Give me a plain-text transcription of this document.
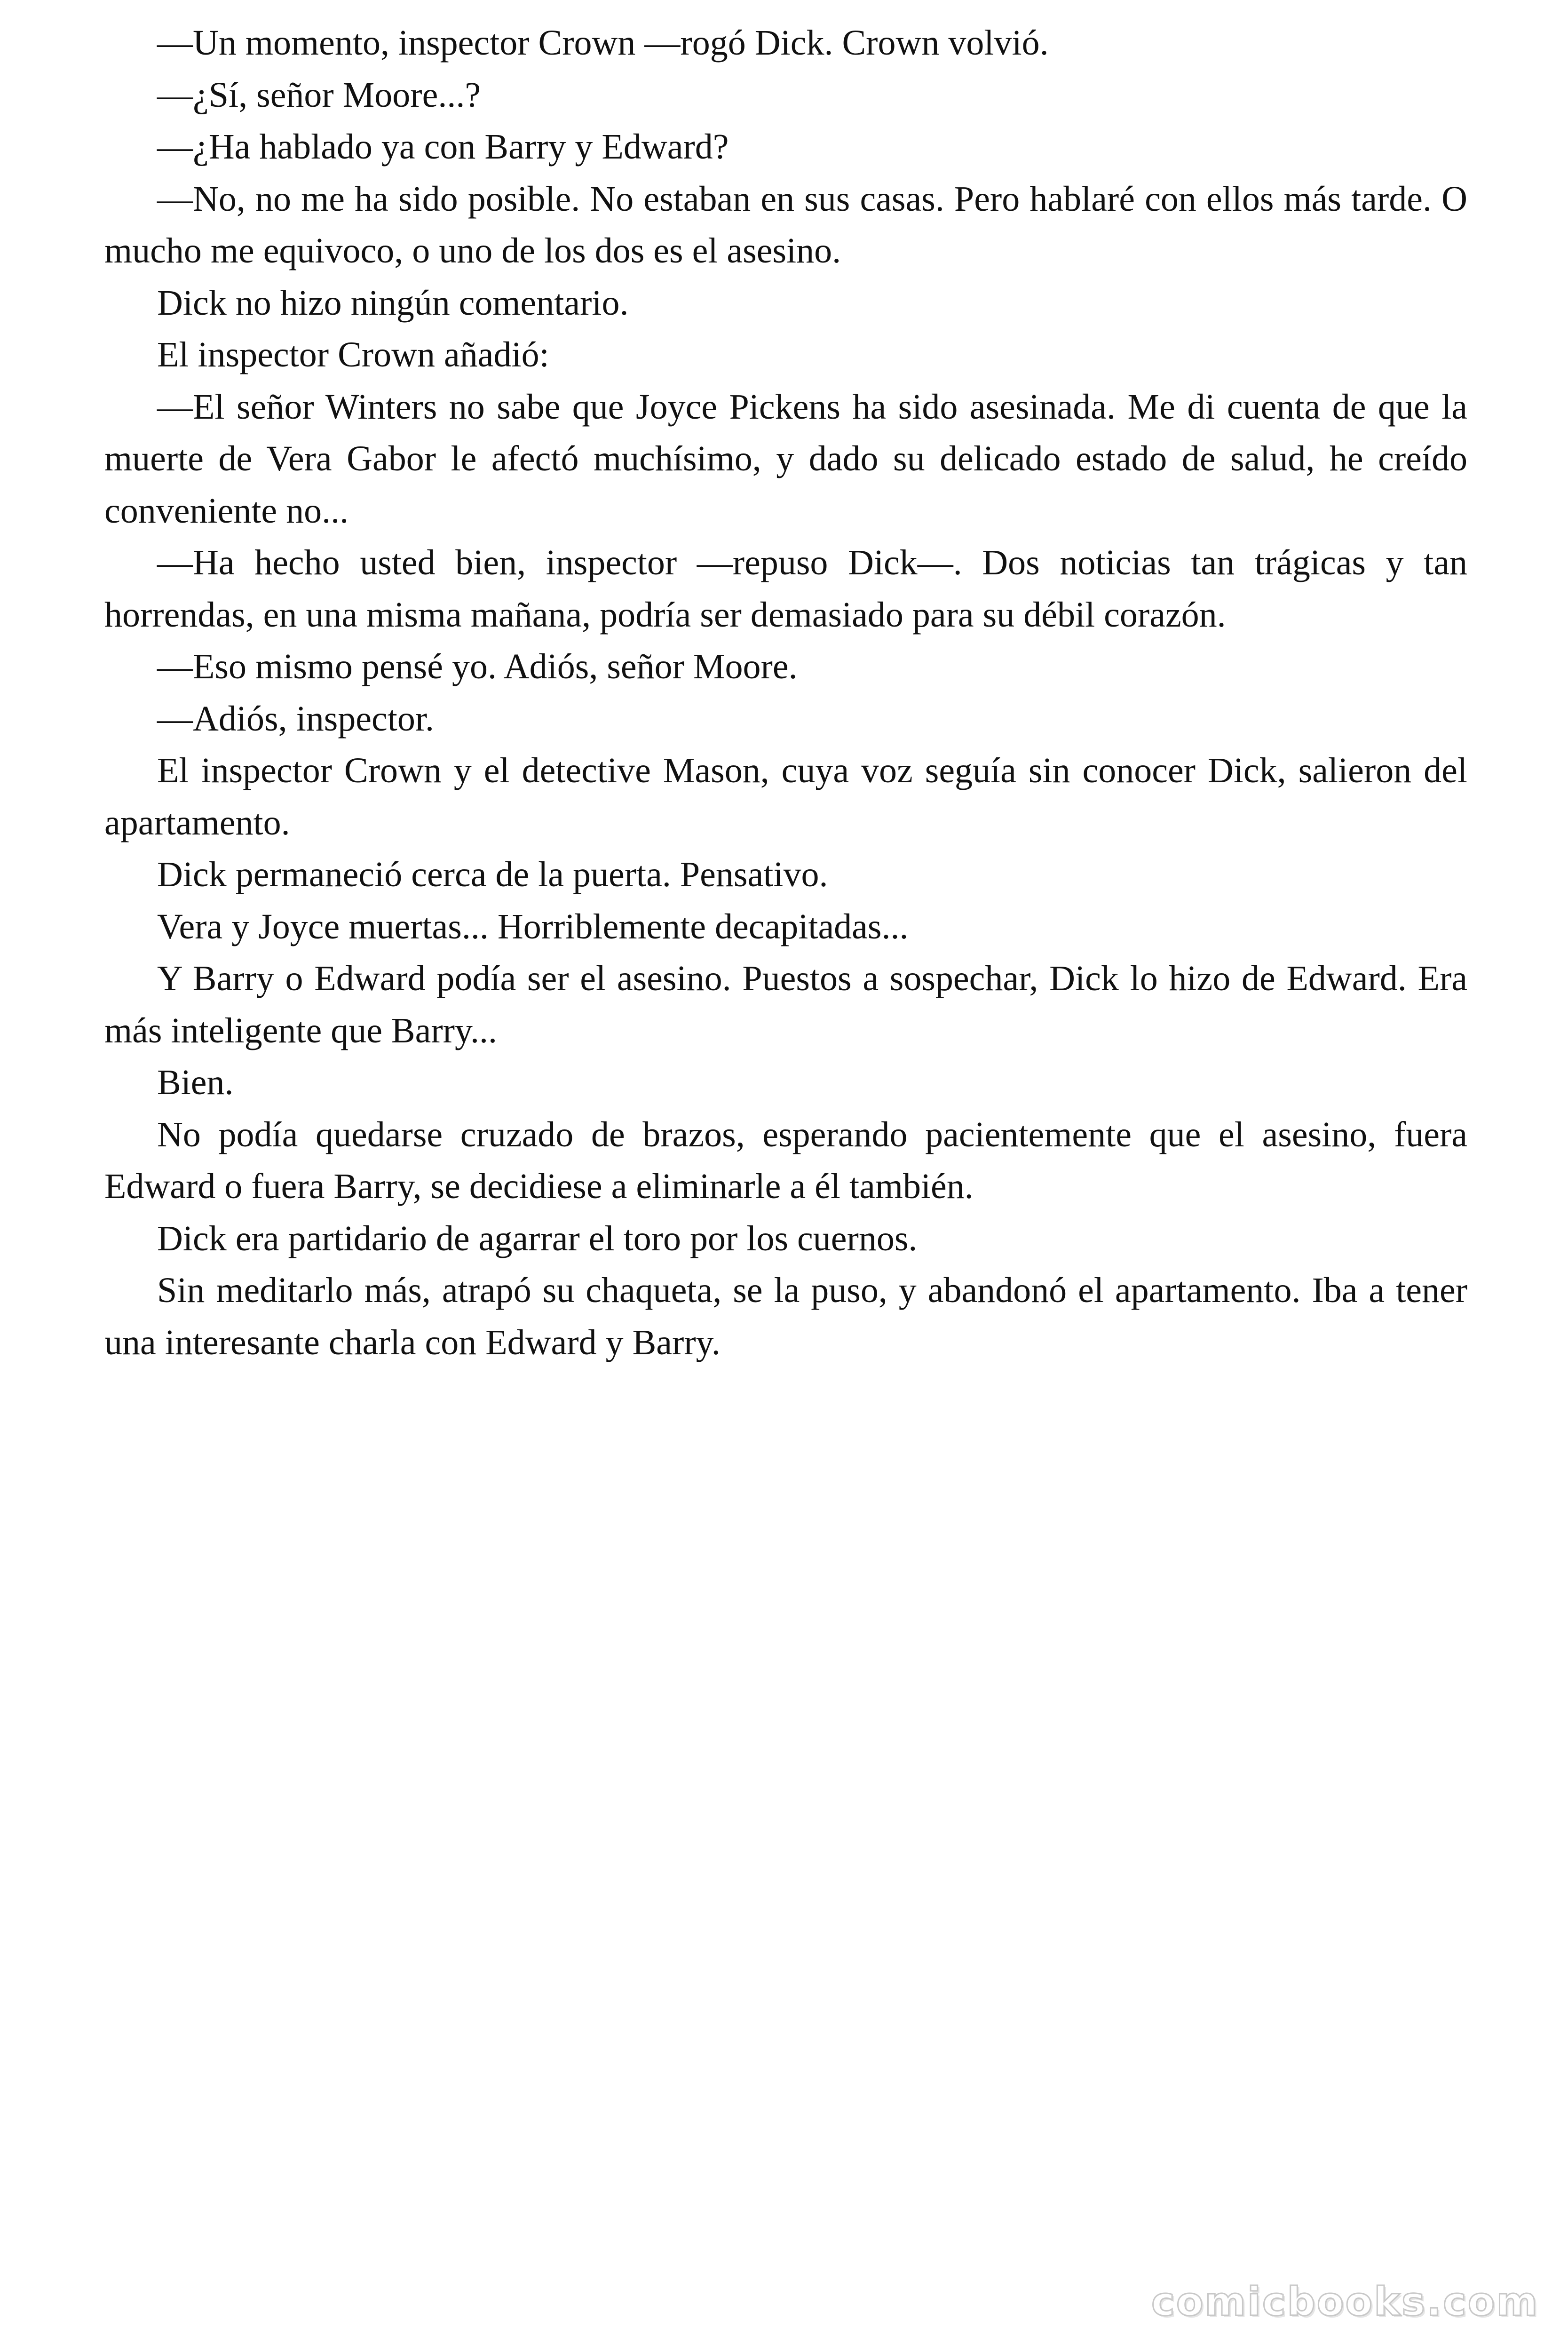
—Un momento, inspector Crown —rogó Dick. Crown volvió.

—¿Sí, señor Moore...?

—¿Ha hablado ya con Barry y Edward?

—No, no me ha sido posible. No estaban en sus casas. Pero hablaré con ellos más tarde. O mucho me equivoco, o uno de los dos es el asesino.

Dick no hizo ningún comentario.

El inspector Crown añadió:

—El señor Winters no sabe que Joyce Pickens ha sido asesinada. Me di cuenta de que la muerte de Vera Gabor le afectó muchísimo, y dado su delicado estado de salud, he creído conveniente no...

—Ha hecho usted bien, inspector —repuso Dick—. Dos noticias tan trágicas y tan horrendas, en una misma mañana, podría ser demasiado para su débil corazón.

—Eso mismo pensé yo. Adiós, señor Moore.

—Adiós, inspector.

El inspector Crown y el detective Mason, cuya voz seguía sin conocer Dick, salieron del apartamento.

Dick permaneció cerca de la puerta. Pensativo.

Vera y Joyce muertas... Horriblemente decapitadas...

Y Barry o Edward podía ser el asesino. Puestos a sospechar, Dick lo hizo de Edward. Era más inteligente que Barry...

Bien.

No podía quedarse cruzado de brazos, esperando pacientemente que el asesino, fuera Edward o fuera Barry, se decidiese a eliminarle a él también.

Dick era partidario de agarrar el toro por los cuernos.

Sin meditarlo más, atrapó su chaqueta, se la puso, y abandonó el apartamento. Iba a tener una interesante charla con Edward y Barry.

comicbooks.com
